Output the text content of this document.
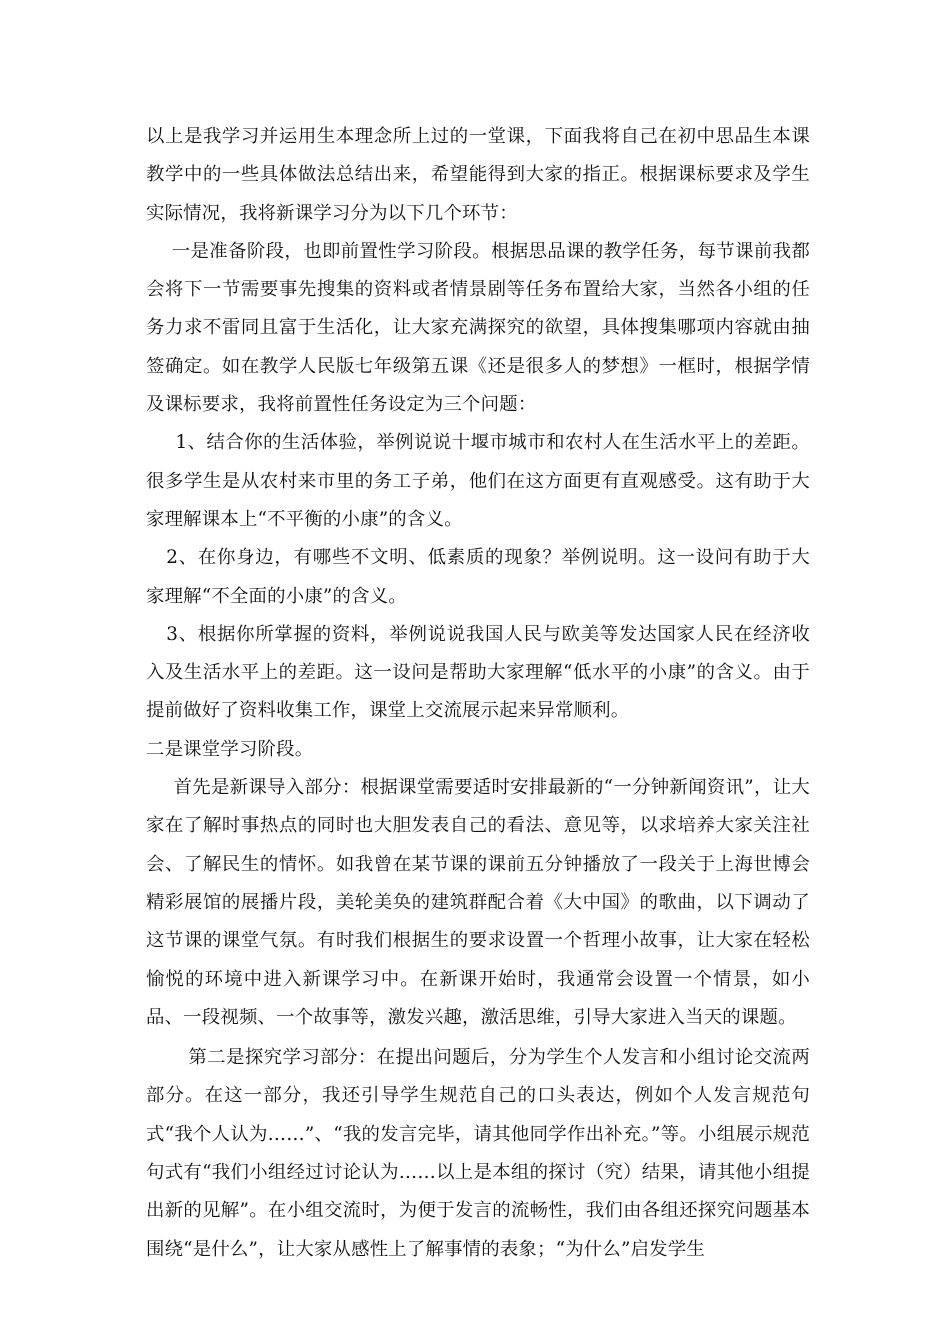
以上是我学习并运用生本理念所上过的一堂课，下面我将自己在初中思品生本课教学中的一些具体做法总结出来，希望能得到大家的指正。根据课标要求及学生实际情况，我将新课学习分为以下几个环节：

一是准备阶段，也即前置性学习阶段。根据思品课的教学任务，每节课前我都会将下一节需要事先搜集的资料或者情景剧等任务布置给大家，当然各小组的任务力求不雷同且富于生活化，让大家充满探究的欲望，具体搜集哪项内容就由抽签确定。如在教学人民版七年级第五课《还是很多人的梦想》一框时，根据学情及课标要求，我将前置性任务设定为三个问题：

1、结合你的生活体验，举例说说十堰市城市和农村人在生活水平上的差距。很多学生是从农村来市里的务工子弟，他们在这方面更有直观感受。这有助于大家理解课本上“不平衡的小康”的含义。

2、在你身边，有哪些不文明、低素质的现象？举例说明。这一设问有助于大家理解“不全面的小康”的含义。

3、根据你所掌握的资料，举例说说我国人民与欧美等发达国家人民在经济收入及生活水平上的差距。这一设问是帮助大家理解“低水平的小康”的含义。由于提前做好了资料收集工作，课堂上交流展示起来异常顺利。

二是课堂学习阶段。

首先是新课导入部分：根据课堂需要适时安排最新的“一分钟新闻资讯”，让大家在了解时事热点的同时也大胆发表自己的看法、意见等，以求培养大家关注社会、了解民生的情怀。如我曾在某节课的课前五分钟播放了一段关于上海世博会精彩展馆的展播片段，美轮美奂的建筑群配合着《大中国》的歌曲，以下调动了这节课的课堂气氛。有时我们根据生的要求设置一个哲理小故事，让大家在轻松愉悦的环境中进入新课学习中。在新课开始时，我通常会设置一个情景，如小品、一段视频、一个故事等，激发兴趣，激活思维，引导大家进入当天的课题。

第二是探究学习部分：在提出问题后，分为学生个人发言和小组讨论交流两部分。在这一部分，我还引导学生规范自己的口头表达，例如个人发言规范句式“我个人认为……”、“我的发言完毕，请其他同学作出补充。”等。小组展示规范句式有“我们小组经过讨论认为……以上是本组的探讨（究）结果，请其他小组提出新的见解”。在小组交流时，为便于发言的流畅性，我们由各组还探究问题基本围绕“是什么”，让大家从感性上了解事情的表象；“为什么”启发学生
